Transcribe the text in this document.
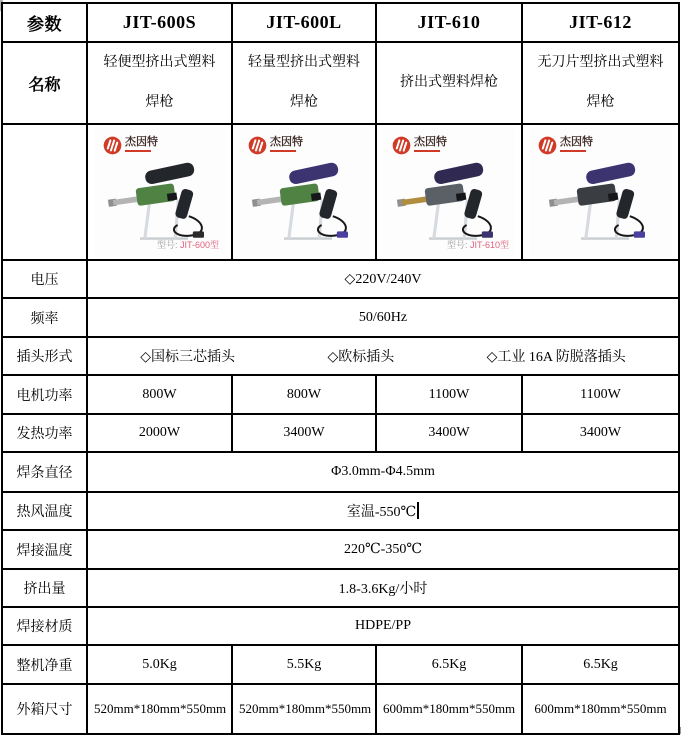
参数	JIT-600S	JIT-600L	JIT-610	JIT-612
名称	轻便型挤出式塑料焊枪	轻量型挤出式塑料焊枪	挤出式塑料焊枪	无刀片型挤出式塑料焊枪

杰因特
型号: JIT-600型

杰因特	杰因特
型号: JIT-610型

杰因特

电压	◇220V/240V			
频率	50/60Hz			
插头形式	◇国标三芯插头 ◇欧标插头 ◇工业 16A 防脱落插头			

电机功率	800W	800W	1100W	1100W
发热功率	2000W	3400W	3400W	3400W
焊条直径	Φ3.0mm-Φ4.5mm			
热风温度	室温-550℃			
焊接温度	220℃-350℃			
挤出量	1.8-3.6Kg/小时			
焊接材质	HDPE/PP			
整机净重	5.0Kg	5.5Kg	6.5Kg	6.5Kg
外箱尺寸	520mm*180mm*550mm	520mm*180mm*550mm	600mm*180mm*550mm	600mm*180mm*550mm
